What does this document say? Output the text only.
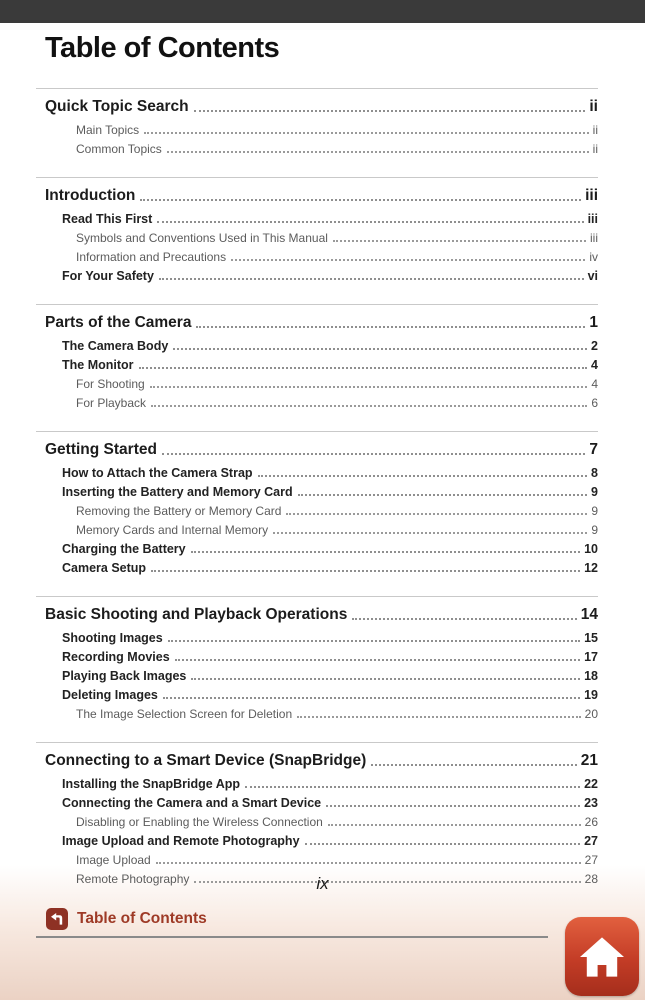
Table of Contents
Quick Topic Search	ii
Main Topics	ii
Common Topics	ii
Introduction	iii
Read This First	iii
Symbols and Conventions Used in This Manual	iii
Information and Precautions	iv
For Your Safety	vi
Parts of the Camera	1
The Camera Body	2
The Monitor	4
For Shooting	4
For Playback	6
Getting Started	7
How to Attach the Camera Strap	8
Inserting the Battery and Memory Card	9
Removing the Battery or Memory Card	9
Memory Cards and Internal Memory	9
Charging the Battery	10
Camera Setup	12
Basic Shooting and Playback Operations	14
Shooting Images	15
Recording Movies	17
Playing Back Images	18
Deleting Images	19
The Image Selection Screen for Deletion	20
Connecting to a Smart Device (SnapBridge)	21
Installing the SnapBridge App	22
Connecting the Camera and a Smart Device	23
Disabling or Enabling the Wireless Connection	26
Image Upload and Remote Photography	27
Image Upload	27
Remote Photography	28
ix
Table of Contents
